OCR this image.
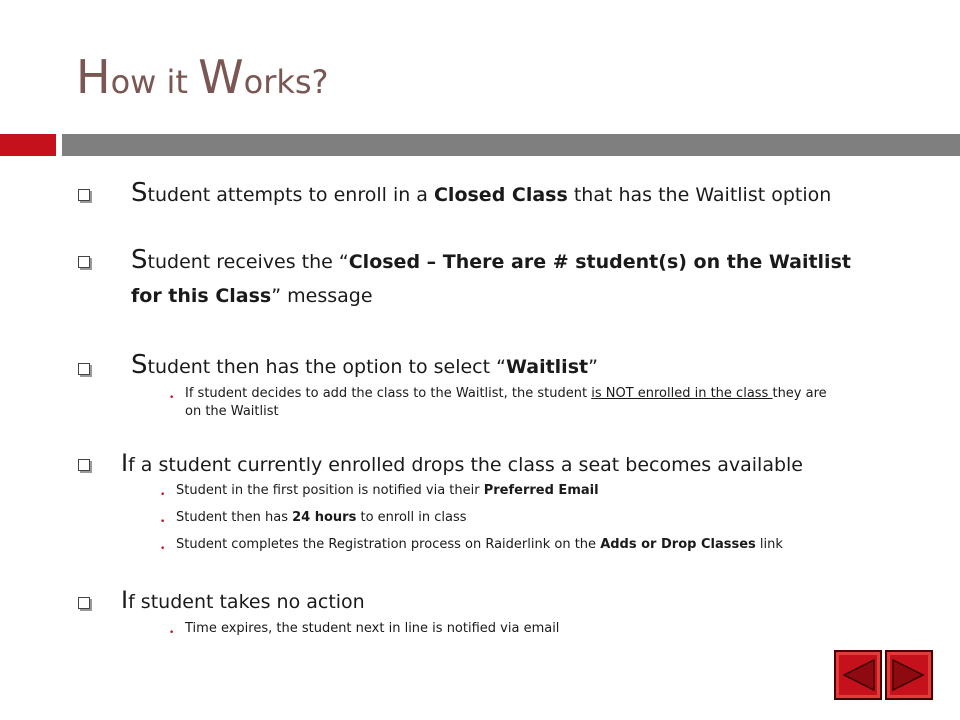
How it Works?
Student attempts to enroll in a Closed Class that has the Waitlist option
Student receives the “Closed – There are # student(s) on the Waitlist
for this Class” message
Student then has the option to select “Waitlist”
• If student decides to add the class to the Waitlist, the student is NOT enrolled in the class they are
on the Waitlist
If a student currently enrolled drops the class a seat becomes available
• Student in the first position is notified via their Preferred Email
• Student then has 24 hours to enroll in class
• Student completes the Registration process on Raiderlink on the Adds or Drop Classes link
If student takes no action
• Time expires, the student next in line is notified via email
